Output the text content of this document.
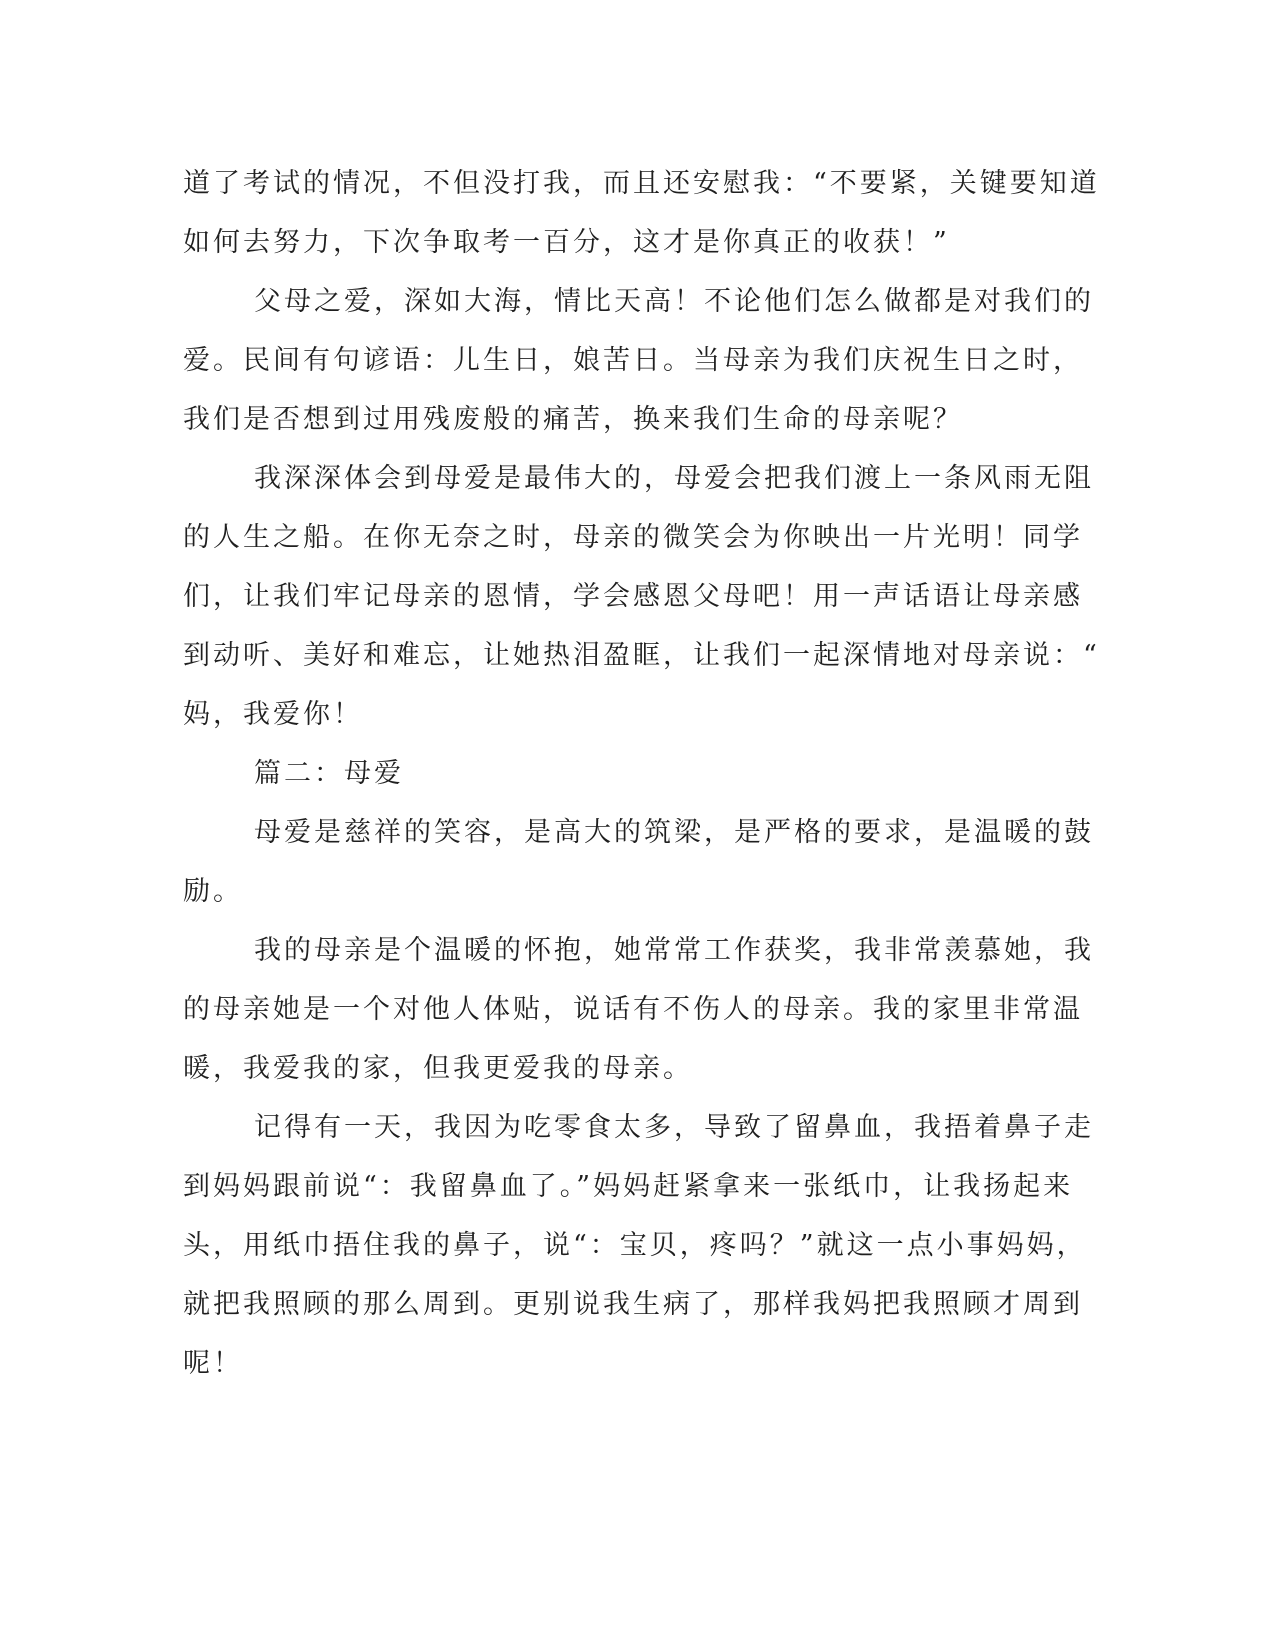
道了考试的情况，不但没打我，而且还安慰我：“不要紧，关键要知道
如何去努力，下次争取考一百分，这才是你真正的收获！”
父母之爱，深如大海，情比天高！不论他们怎么做都是对我们的
爱。民间有句谚语：儿生日，娘苦日。当母亲为我们庆祝生日之时，
我们是否想到过用残废般的痛苦，换来我们生命的母亲呢？
我深深体会到母爱是最伟大的，母爱会把我们渡上一条风雨无阻
的人生之船。在你无奈之时，母亲的微笑会为你映出一片光明！同学
们，让我们牢记母亲的恩情，学会感恩父母吧！用一声话语让母亲感
到动听、美好和难忘，让她热泪盈眶，让我们一起深情地对母亲说：“
妈，我爱你！
篇二：母爱
母爱是慈祥的笑容，是高大的筑梁，是严格的要求，是温暖的鼓
励。
我的母亲是个温暖的怀抱，她常常工作获奖，我非常羡慕她，我
的母亲她是一个对他人体贴，说话有不伤人的母亲。我的家里非常温
暖，我爱我的家，但我更爱我的母亲。
记得有一天，我因为吃零食太多，导致了留鼻血，我捂着鼻子走
到妈妈跟前说“：我留鼻血了。”妈妈赶紧拿来一张纸巾，让我扬起来
头，用纸巾捂住我的鼻子，说“：宝贝，疼吗？”就这一点小事妈妈，
就把我照顾的那么周到。更别说我生病了，那样我妈把我照顾才周到
呢！
